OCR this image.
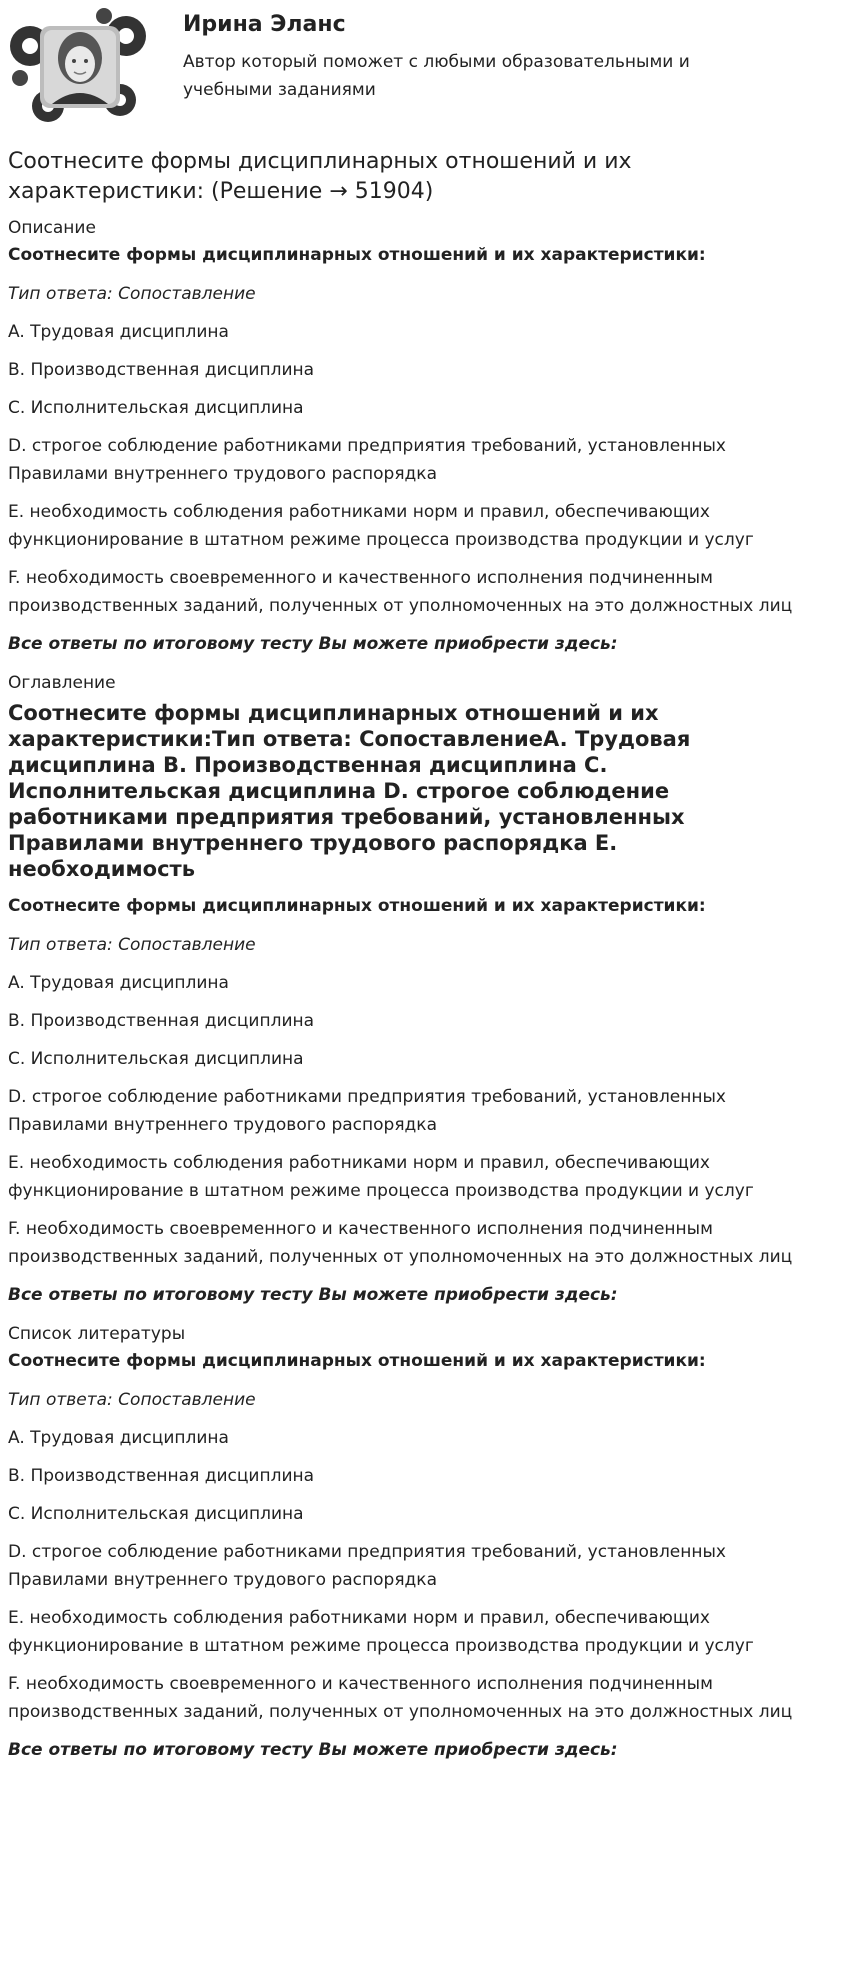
Ирина Эланс
Автор который поможет с любыми образовательными и учебными заданиями
Соотнесите формы дисциплинарных отношений и их характеристики: (Решение → 51904)

Описание

Соотнесите формы дисциплинарных отношений и их характеристики:

Тип ответа: Сопоставление

A. Трудовая дисциплина

B. Производственная дисциплина

C. Исполнительская дисциплина

D. строгое соблюдение работниками предприятия требований, установленных Правилами внутреннего трудового распорядка

E. необходимость соблюдения работниками норм и правил, обеспечивающих функционирование в штатном режиме процесса производства продукции и услуг

F. необходимость своевременного и качественного исполнения подчиненным производственных заданий, полученных от уполномоченных на это должностных лиц

Все ответы по итоговому тесту Вы можете приобрести здесь:

Оглавление

Соотнесите формы дисциплинарных отношений и их характеристики:Тип ответа: СопоставлениеA. Трудовая дисциплина B. Производственная дисциплина C. Исполнительская дисциплина D. строгое соблюдение работниками предприятия требований, установленных Правилами внутреннего трудового распорядка E. необходимость

Соотнесите формы дисциплинарных отношений и их характеристики:

Тип ответа: Сопоставление

A. Трудовая дисциплина

B. Производственная дисциплина

C. Исполнительская дисциплина

D. строгое соблюдение работниками предприятия требований, установленных Правилами внутреннего трудового распорядка

E. необходимость соблюдения работниками норм и правил, обеспечивающих функционирование в штатном режиме процесса производства продукции и услуг

F. необходимость своевременного и качественного исполнения подчиненным производственных заданий, полученных от уполномоченных на это должностных лиц

Все ответы по итоговому тесту Вы можете приобрести здесь:

Список литературы

Соотнесите формы дисциплинарных отношений и их характеристики:

Тип ответа: Сопоставление

A. Трудовая дисциплина

B. Производственная дисциплина

C. Исполнительская дисциплина

D. строгое соблюдение работниками предприятия требований, установленных Правилами внутреннего трудового распорядка

E. необходимость соблюдения работниками норм и правил, обеспечивающих функционирование в штатном режиме процесса производства продукции и услуг

F. необходимость своевременного и качественного исполнения подчиненным производственных заданий, полученных от уполномоченных на это должностных лиц

Все ответы по итоговому тесту Вы можете приобрести здесь:
